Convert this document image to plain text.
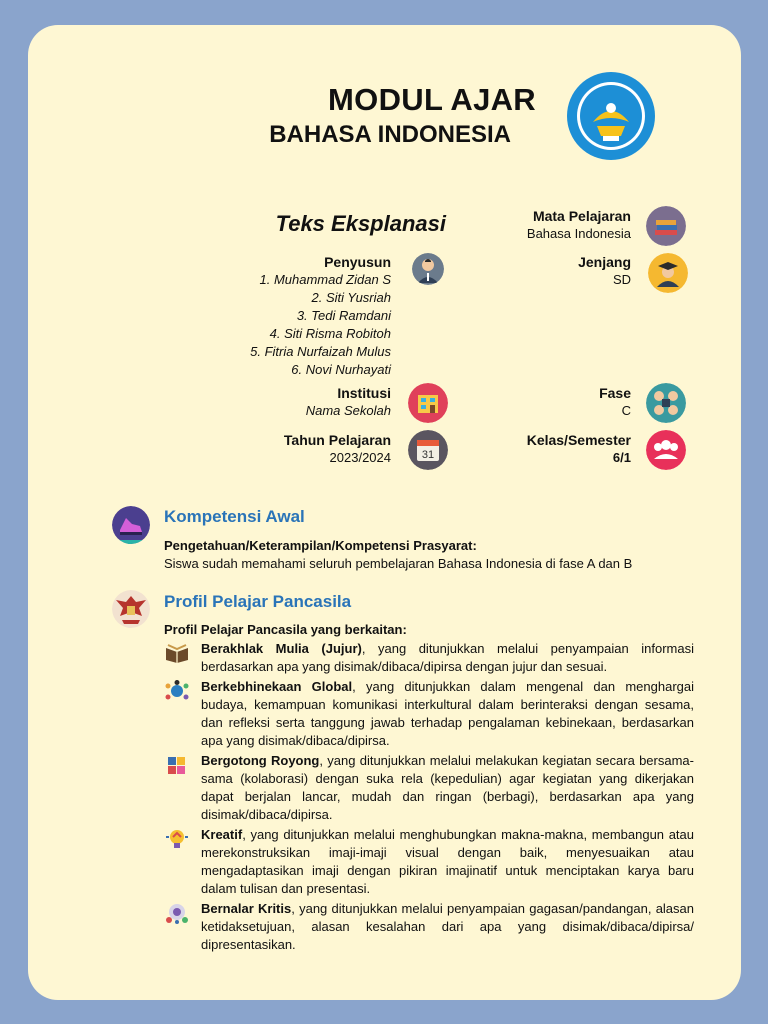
MODUL AJAR
BAHASA INDONESIA
Teks Eksplanasi
Penyusun
1. Muhammad Zidan S
2. Siti Yusriah
3. Tedi Ramdani
4. Siti Risma Robitoh
5. Fitria Nurfaizah Mulus
6. Novi Nurhayati
Institusi
Nama Sekolah
Tahun Pelajaran
2023/2024	31
Mata Pelajaran
Bahasa Indonesia
Jenjang
SD
Fase
C
Kelas/Semester
6/1
Kompetensi Awal
Pengetahuan/Keterampilan/Kompetensi Prasyarat:
Siswa sudah memahami seluruh pembelajaran Bahasa Indonesia di fase A dan B
Profil Pelajar Pancasila
Profil Pelajar Pancasila yang berkaitan:
Berakhlak Mulia (Jujur), yang ditunjukkan melalui penyampaian informasi berdasarkan apa yang disimak/dibaca/dipirsa dengan jujur dan sesuai.
Berkebhinekaan Global, yang ditunjukkan dalam mengenal dan menghargai budaya, kemampuan komunikasi interkultural dalam berinteraksi dengan sesama, dan refleksi serta tanggung jawab terhadap pengalaman kebinekaan, berdasarkan apa yang disimak/dibaca/dipirsa.
Bergotong Royong, yang ditunjukkan melalui melakukan kegiatan secara bersama-sama (kolaborasi) dengan suka rela (kepedulian) agar kegiatan yang dikerjakan dapat berjalan lancar, mudah dan ringan (berbagi), berdasarkan apa yang disimak/dibaca/dipirsa.
Kreatif, yang ditunjukkan melalui menghubungkan makna-makna, membangun atau merekonstruksikan imaji-imaji visual dengan baik, menyesuaikan atau mengadaptasikan imaji dengan pikiran imajinatif untuk menciptakan karya baru dalam tulisan dan presentasi.
Bernalar Kritis, yang ditunjukkan melalui penyampaian gagasan/pandangan, alasan ketidaksetujuan, alasan kesalahan dari apa yang disimak/dibaca/dipirsa/ dipresentasikan.
